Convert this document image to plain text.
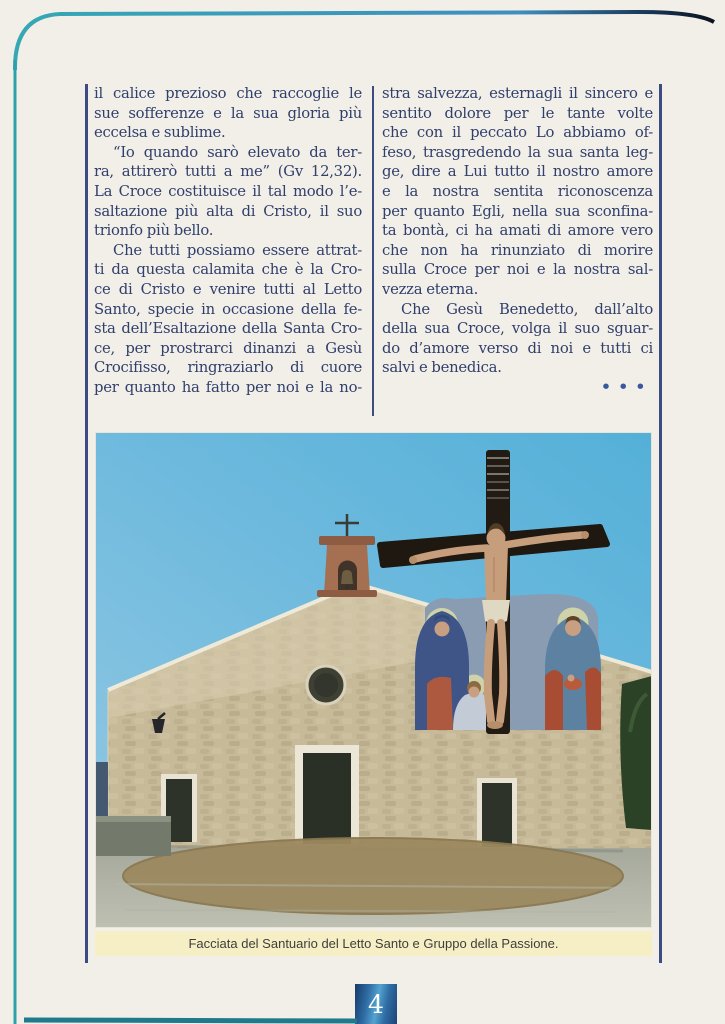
il calice prezioso che raccoglie le
sue sofferenze e la sua gloria più
eccelsa e sublime.
“Io quando sarò elevato da ter-
ra, attirerò tutti a me” (Gv 12,32).
La Croce costituisce il tal modo l’e-
saltazione più alta di Cristo, il suo
trionfo più bello.
Che tutti possiamo essere attrat-
ti da questa calamita che è la Cro-
ce di Cristo e venire tutti al Letto
Santo, specie in occasione della fe-
sta dell’Esaltazione della Santa Cro-
ce, per prostrarci dinanzi a Gesù
Crocifisso, ringraziarlo di cuore
per quanto ha fatto per noi e la no-
stra salvezza, esternagli il sincero e
sentito dolore per le tante volte
che con il peccato Lo abbiamo of-
feso, trasgredendo la sua santa leg-
ge, dire a Lui tutto il nostro amore
e la nostra sentita riconoscenza
per quanto Egli, nella sua sconfina-
ta bontà, ci ha amati di amore vero
che non ha rinunziato di morire
sulla Croce per noi e la nostra sal-
vezza eterna.
Che Gesù Benedetto, dall’alto
della sua Croce, volga il suo sguar-
do d’amore verso di noi e tutti ci
salvi e benedica.
•••
Facciata del Santuario del Letto Santo e Gruppo della Passione.
4
